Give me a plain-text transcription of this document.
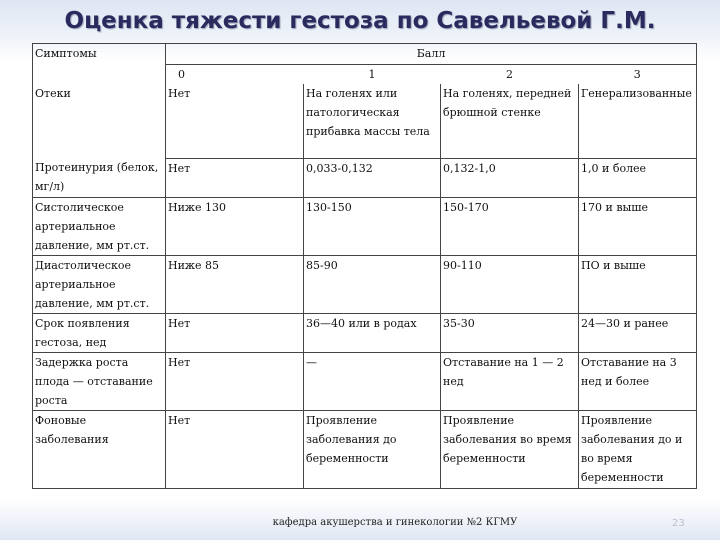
Оценка тяжести гестоза по Савельевой Г.М.
Симптомы	Балл			
	0	1	2	3
Отеки	Нет	На голенях или патологическая прибавка массы тела	На голенях, передней брюшной стенке	Генерализованные
Протеинурия (белок, мг/л)	Нет	0,033-0,132	0,132-1,0	1,0 и более
Систолическое артериальное давление, мм рт.ст.	Ниже 130	130-150	150-170	170 и выше
Диастолическое артериальное давление, мм рт.ст.	Ниже 85	85-90	90-110	ПО и выше
Срок появления гестоза, нед	Нет	36—40 или в родах	35-30	24—30 и ранее
Задержка роста плода — отставание роста	Нет	—	Отставание на 1 — 2 нед	Отставание на 3 нед и более
Фоновые заболевания	Нет	Проявление заболевания до беременности	Проявление заболевания во время беременности	Проявление заболевания до и во время беременности
кафедра акушерства и гинекологии №2 КГМУ	23
